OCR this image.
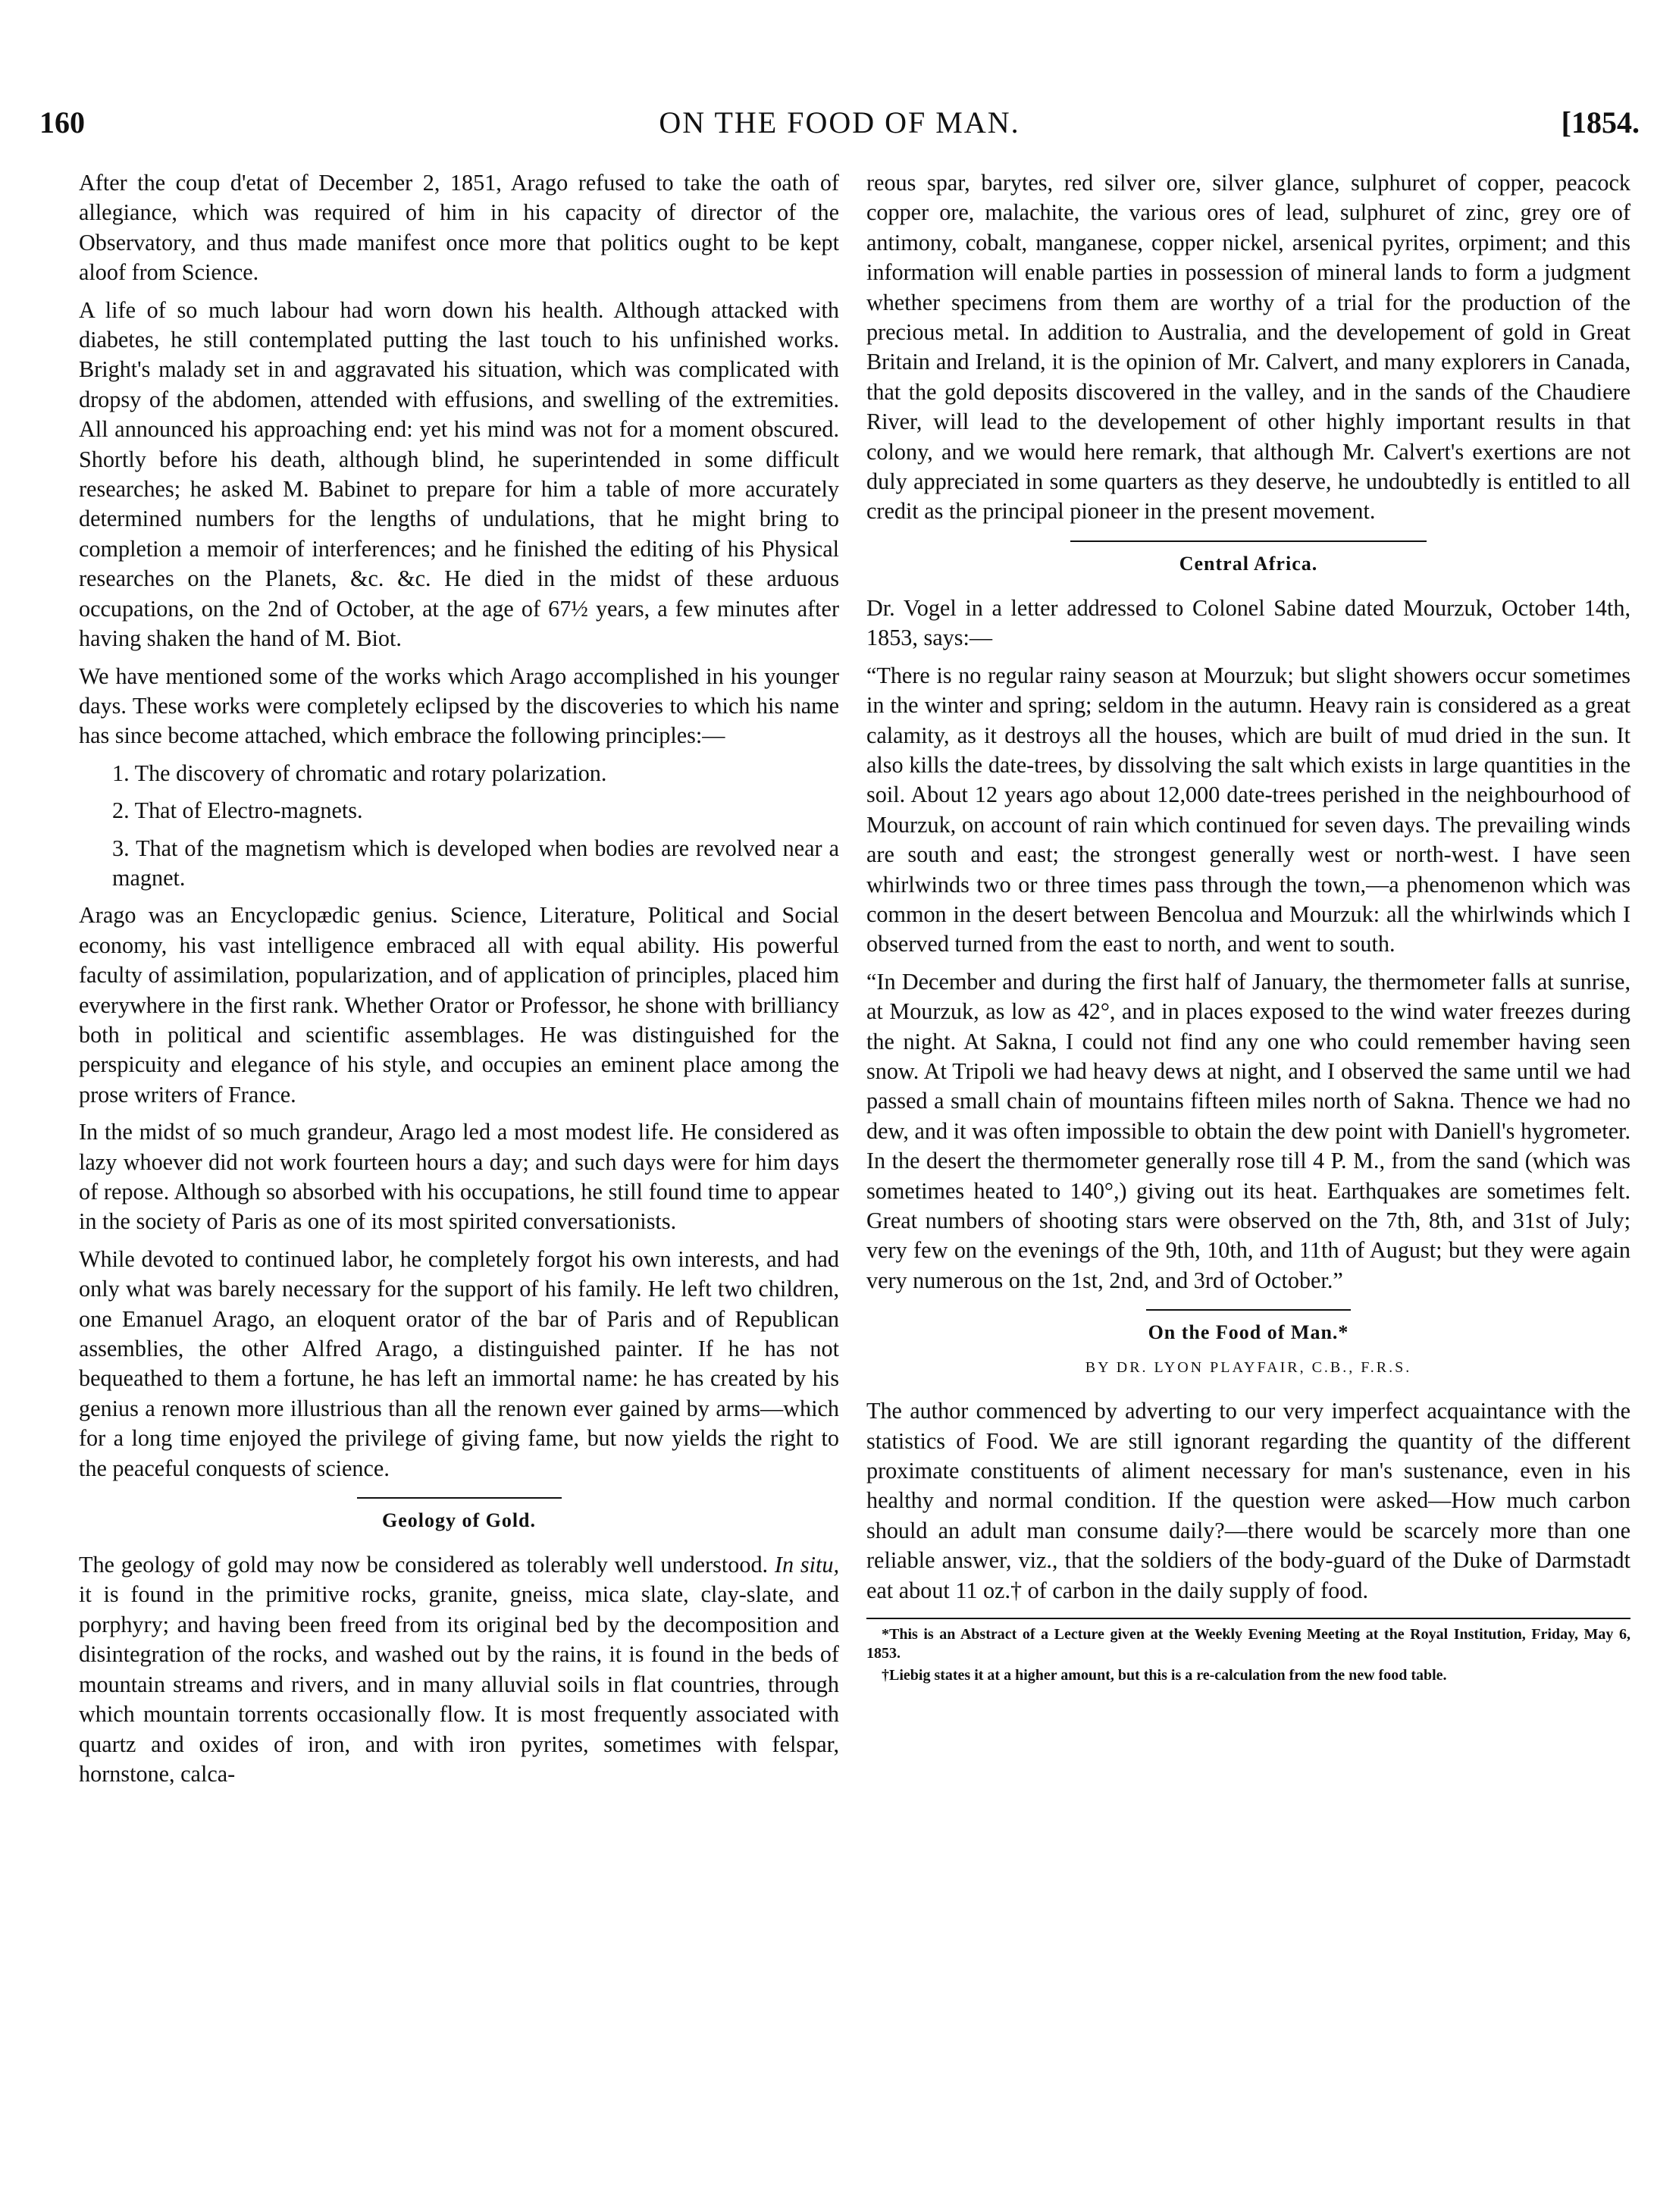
160	ON THE FOOD OF MAN.	[1854.

After the coup d'etat of December 2, 1851, Arago refused to take the oath of allegiance, which was required of him in his capacity of director of the Observatory, and thus made manifest once more that politics ought to be kept aloof from Science.

A life of so much labour had worn down his health. Although attacked with diabetes, he still contemplated putting the last touch to his unfinished works. Bright's malady set in and aggravated his situation, which was complicated with dropsy of the abdomen, attended with effusions, and swelling of the extremities. All announced his approaching end: yet his mind was not for a moment obscured. Shortly before his death, although blind, he superintended in some difficult researches; he asked M. Babinet to prepare for him a table of more accurately determined numbers for the lengths of undulations, that he might bring to completion a memoir of interferences; and he finished the editing of his Physical researches on the Planets, &c. &c. He died in the midst of these arduous occupations, on the 2nd of October, at the age of 67½ years, a few minutes after having shaken the hand of M. Biot.

We have mentioned some of the works which Arago accomplished in his younger days. These works were completely eclipsed by the discoveries to which his name has since become attached, which embrace the following principles:—

1. The discovery of chromatic and rotary polarization.

2. That of Electro-magnets.

3. That of the magnetism which is developed when bodies are revolved near a magnet.

Arago was an Encyclopædic genius. Science, Literature, Political and Social economy, his vast intelligence embraced all with equal ability. His powerful faculty of assimilation, popularization, and of application of principles, placed him everywhere in the first rank. Whether Orator or Professor, he shone with brilliancy both in political and scientific assemblages. He was distinguished for the perspicuity and elegance of his style, and occupies an eminent place among the prose writers of France.

In the midst of so much grandeur, Arago led a most modest life. He considered as lazy whoever did not work fourteen hours a day; and such days were for him days of repose. Although so absorbed with his occupations, he still found time to appear in the society of Paris as one of its most spirited conversationists.

While devoted to continued labor, he completely forgot his own interests, and had only what was barely necessary for the support of his family. He left two children, one Emanuel Arago, an eloquent orator of the bar of Paris and of Republican assemblies, the other Alfred Arago, a distinguished painter. If he has not bequeathed to them a fortune, he has left an immortal name: he has created by his genius a renown more illustrious than all the renown ever gained by arms—which for a long time enjoyed the privilege of giving fame, but now yields the right to the peaceful conquests of science.

Geology of Gold.

The geology of gold may now be considered as tolerably well understood. In situ, it is found in the primitive rocks, granite, gneiss, mica slate, clay-slate, and porphyry; and having been freed from its original bed by the decomposition and disintegration of the rocks, and washed out by the rains, it is found in the beds of mountain streams and rivers, and in many alluvial soils in flat countries, through which mountain torrents occasionally flow. It is most frequently associated with quartz and oxides of iron, and with iron pyrites, sometimes with felspar, hornstone, calca-

reous spar, barytes, red silver ore, silver glance, sulphuret of copper, peacock copper ore, malachite, the various ores of lead, sulphuret of zinc, grey ore of antimony, cobalt, manganese, copper nickel, arsenical pyrites, orpiment; and this information will enable parties in possession of mineral lands to form a judgment whether specimens from them are worthy of a trial for the production of the precious metal. In addition to Australia, and the developement of gold in Great Britain and Ireland, it is the opinion of Mr. Calvert, and many explorers in Canada, that the gold deposits discovered in the valley, and in the sands of the Chaudiere River, will lead to the developement of other highly important results in that colony, and we would here remark, that although Mr. Calvert's exertions are not duly appreciated in some quarters as they deserve, he undoubtedly is entitled to all credit as the principal pioneer in the present movement.

Central Africa.

Dr. Vogel in a letter addressed to Colonel Sabine dated Mourzuk, October 14th, 1853, says:—

“There is no regular rainy season at Mourzuk; but slight showers occur sometimes in the winter and spring; seldom in the autumn. Heavy rain is considered as a great calamity, as it destroys all the houses, which are built of mud dried in the sun. It also kills the date-trees, by dissolving the salt which exists in large quantities in the soil. About 12 years ago about 12,000 date-trees perished in the neighbourhood of Mourzuk, on account of rain which continued for seven days. The prevailing winds are south and east; the strongest generally west or north-west. I have seen whirlwinds two or three times pass through the town,—a phenomenon which was common in the desert between Bencolua and Mourzuk: all the whirlwinds which I observed turned from the east to north, and went to south.

“In December and during the first half of January, the thermometer falls at sunrise, at Mourzuk, as low as 42°, and in places exposed to the wind water freezes during the night. At Sakna, I could not find any one who could remember having seen snow. At Tripoli we had heavy dews at night, and I observed the same until we had passed a small chain of mountains fifteen miles north of Sakna. Thence we had no dew, and it was often impossible to obtain the dew point with Daniell's hygrometer. In the desert the thermometer generally rose till 4 P. M., from the sand (which was sometimes heated to 140°,) giving out its heat. Earthquakes are sometimes felt. Great numbers of shooting stars were observed on the 7th, 8th, and 31st of July; very few on the evenings of the 9th, 10th, and 11th of August; but they were again very numerous on the 1st, 2nd, and 3rd of October.”

On the Food of Man.*
BY DR. LYON PLAYFAIR, C.B., F.R.S.

The author commenced by adverting to our very imperfect acquaintance with the statistics of Food. We are still ignorant regarding the quantity of the different proximate constituents of aliment necessary for man's sustenance, even in his healthy and normal condition. If the question were asked—How much carbon should an adult man consume daily?—there would be scarcely more than one reliable answer, viz., that the soldiers of the body-guard of the Duke of Darmstadt eat about 11 oz.† of carbon in the daily supply of food.

*This is an Abstract of a Lecture given at the Weekly Evening Meeting at the Royal Institution, Friday, May 6, 1853.

†Liebig states it at a higher amount, but this is a re-calculation from the new food table.
